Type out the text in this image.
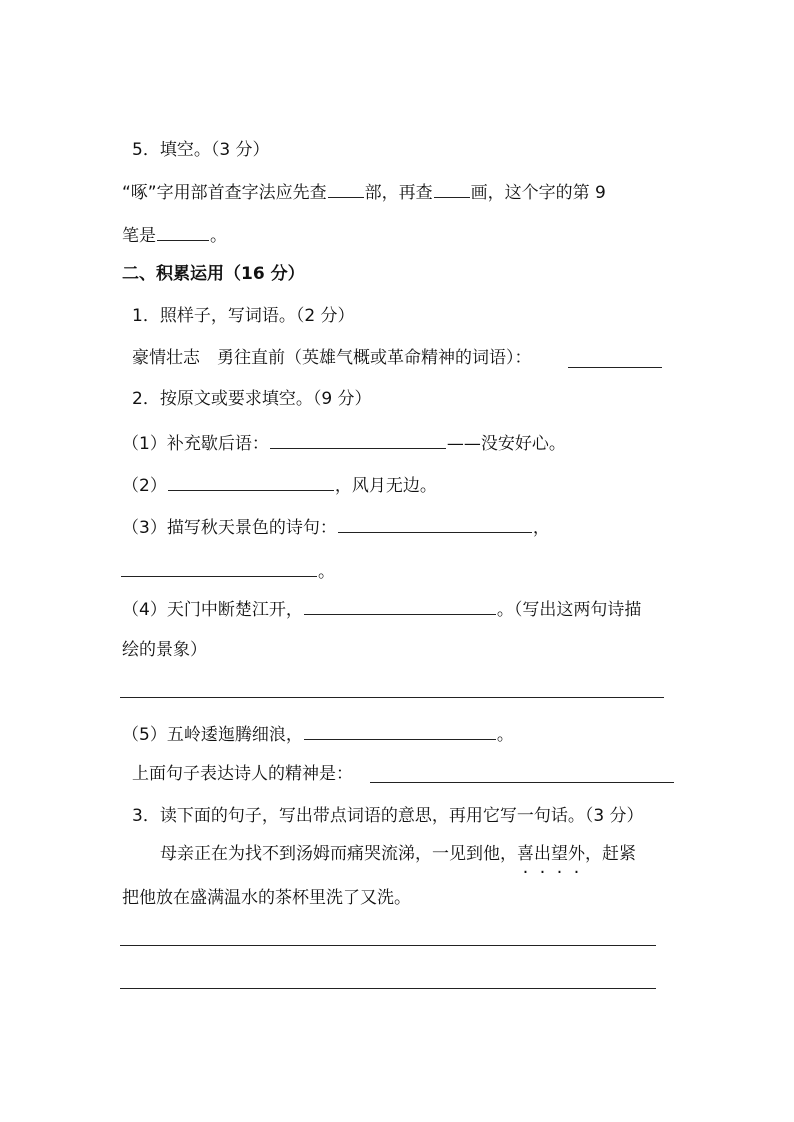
5．填空。（3 分）
“啄”字用部首查字法应先查 部，再查 画，这个字的第 9
笔是	。
二、积累运用（16 分）
1．照样子，写词语。（2 分）
豪情壮志　勇往直前（英雄气概或革命精神的词语）：
2．按原文或要求填空。（9 分）
（1）补充歇后语：	——没安好心。
（2）	，风月无边。
（3）描写秋天景色的诗句：	，
。
（4）天门中断楚江开，	。（写出这两句诗描
绘的景象）
（5）五岭逶迤腾细浪，	。
上面句子表达诗人的精神是：
3．读下面的句子，写出带点词语的意思，再用它写一句话。（3 分）
母亲正在为找不到汤姆而痛哭流涕，一见到他，喜出望外，赶紧
把他放在盛满温水的茶杯里洗了又洗。
